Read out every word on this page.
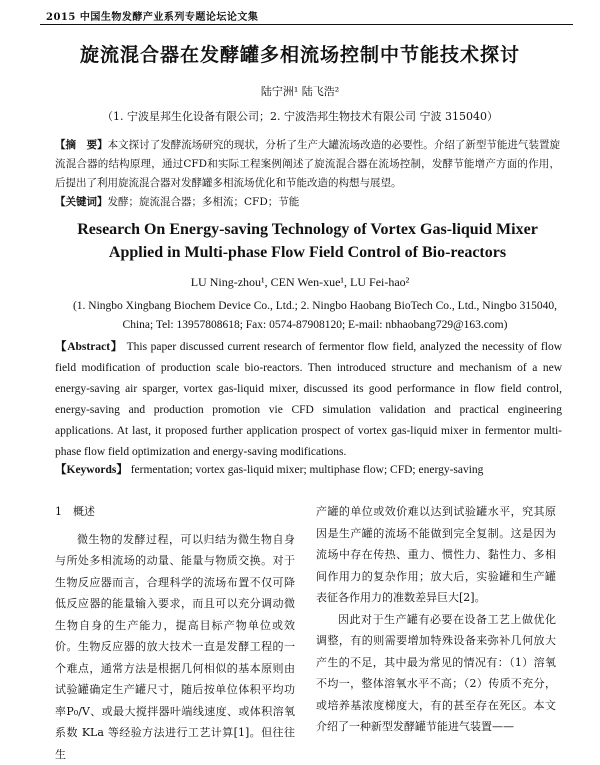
2015 中国生物发酵产业系列专题论坛论文集
旋流混合器在发酵罐多相流场控制中节能技术探讨
陆宁洲¹ 陆飞浩²
（1. 宁波星邦生化设备有限公司；2. 宁波浩邦生物技术有限公司 宁波 315040）
【摘　要】本文探讨了发酵流场研究的现状，分析了生产大罐流场改造的必要性。介绍了新型节能进气装置旋流混合器的结构原理，通过CFD和实际工程案例阐述了旋流混合器在流场控制，发酵节能增产方面的作用，后提出了利用旋流混合器对发酵罐多相流场优化和节能改造的构想与展望。
【关键词】发酵；旋流混合器；多相流；CFD；节能
Research On Energy-saving Technology of Vortex Gas-liquid Mixer Applied in Multi-phase Flow Field Control of Bio-reactors
LU Ning-zhou¹, CEN Wen-xue¹, LU Fei-hao²
(1. Ningbo Xingbang Biochem Device Co., Ltd.; 2. Ningbo Haobang BioTech Co., Ltd., Ningbo 315040, China; Tel: 13957808618; Fax: 0574-87908120; E-mail: nbhaobang729@163.com)
【Abstract】 This paper discussed current research of fermentor flow field, analyzed the necessity of flow field modification of production scale bio-reactors. Then introduced structure and mechanism of a new energy-saving air sparger, vortex gas-liquid mixer, discussed its good performance in flow field control, energy-saving and production promotion vie CFD simulation validation and practical engineering applications. At last, it proposed further application prospect of vortex gas-liquid mixer in fermentor multi-phase flow field optimization and energy-saving modifications.
【Keywords】 fermentation; vortex gas-liquid mixer; multiphase flow; CFD; energy-saving
1　概述

微生物的发酵过程，可以归结为微生物自身与所处多相流场的动量、能量与物质交换。对于生物反应器而言，合理科学的流场布置不仅可降低反应器的能量输入要求，而且可以充分调动微生物自身的生产能力，提高目标产物单位或效价。生物反应器的放大技术一直是发酵工程的一个难点，通常方法是根据几何相似的基本原则由试验罐确定生产罐尺寸，随后按单位体积平均功率P₀/V、或最大搅拌器叶端线速度、或体积溶氧系数 KLa 等经验方法进行工艺计算[1]。但往往生

产罐的单位或效价难以达到试验罐水平，究其原因是生产罐的流场不能做到完全复制。这是因为流场中存在传热、重力、惯性力、黏性力、多相间作用力的复杂作用；放大后，实验罐和生产罐表征各作用力的准数差异巨大[2]。

因此对于生产罐有必要在设备工艺上做优化调整，有的则需要增加特殊设备来弥补几何放大产生的不足，其中最为常见的情况有：（1）溶氧不均一，整体溶氧水平不高；（2）传质不充分，或培养基浓度梯度大，有的甚至存在死区。本文介绍了一种新型发酵罐节能进气装置——
